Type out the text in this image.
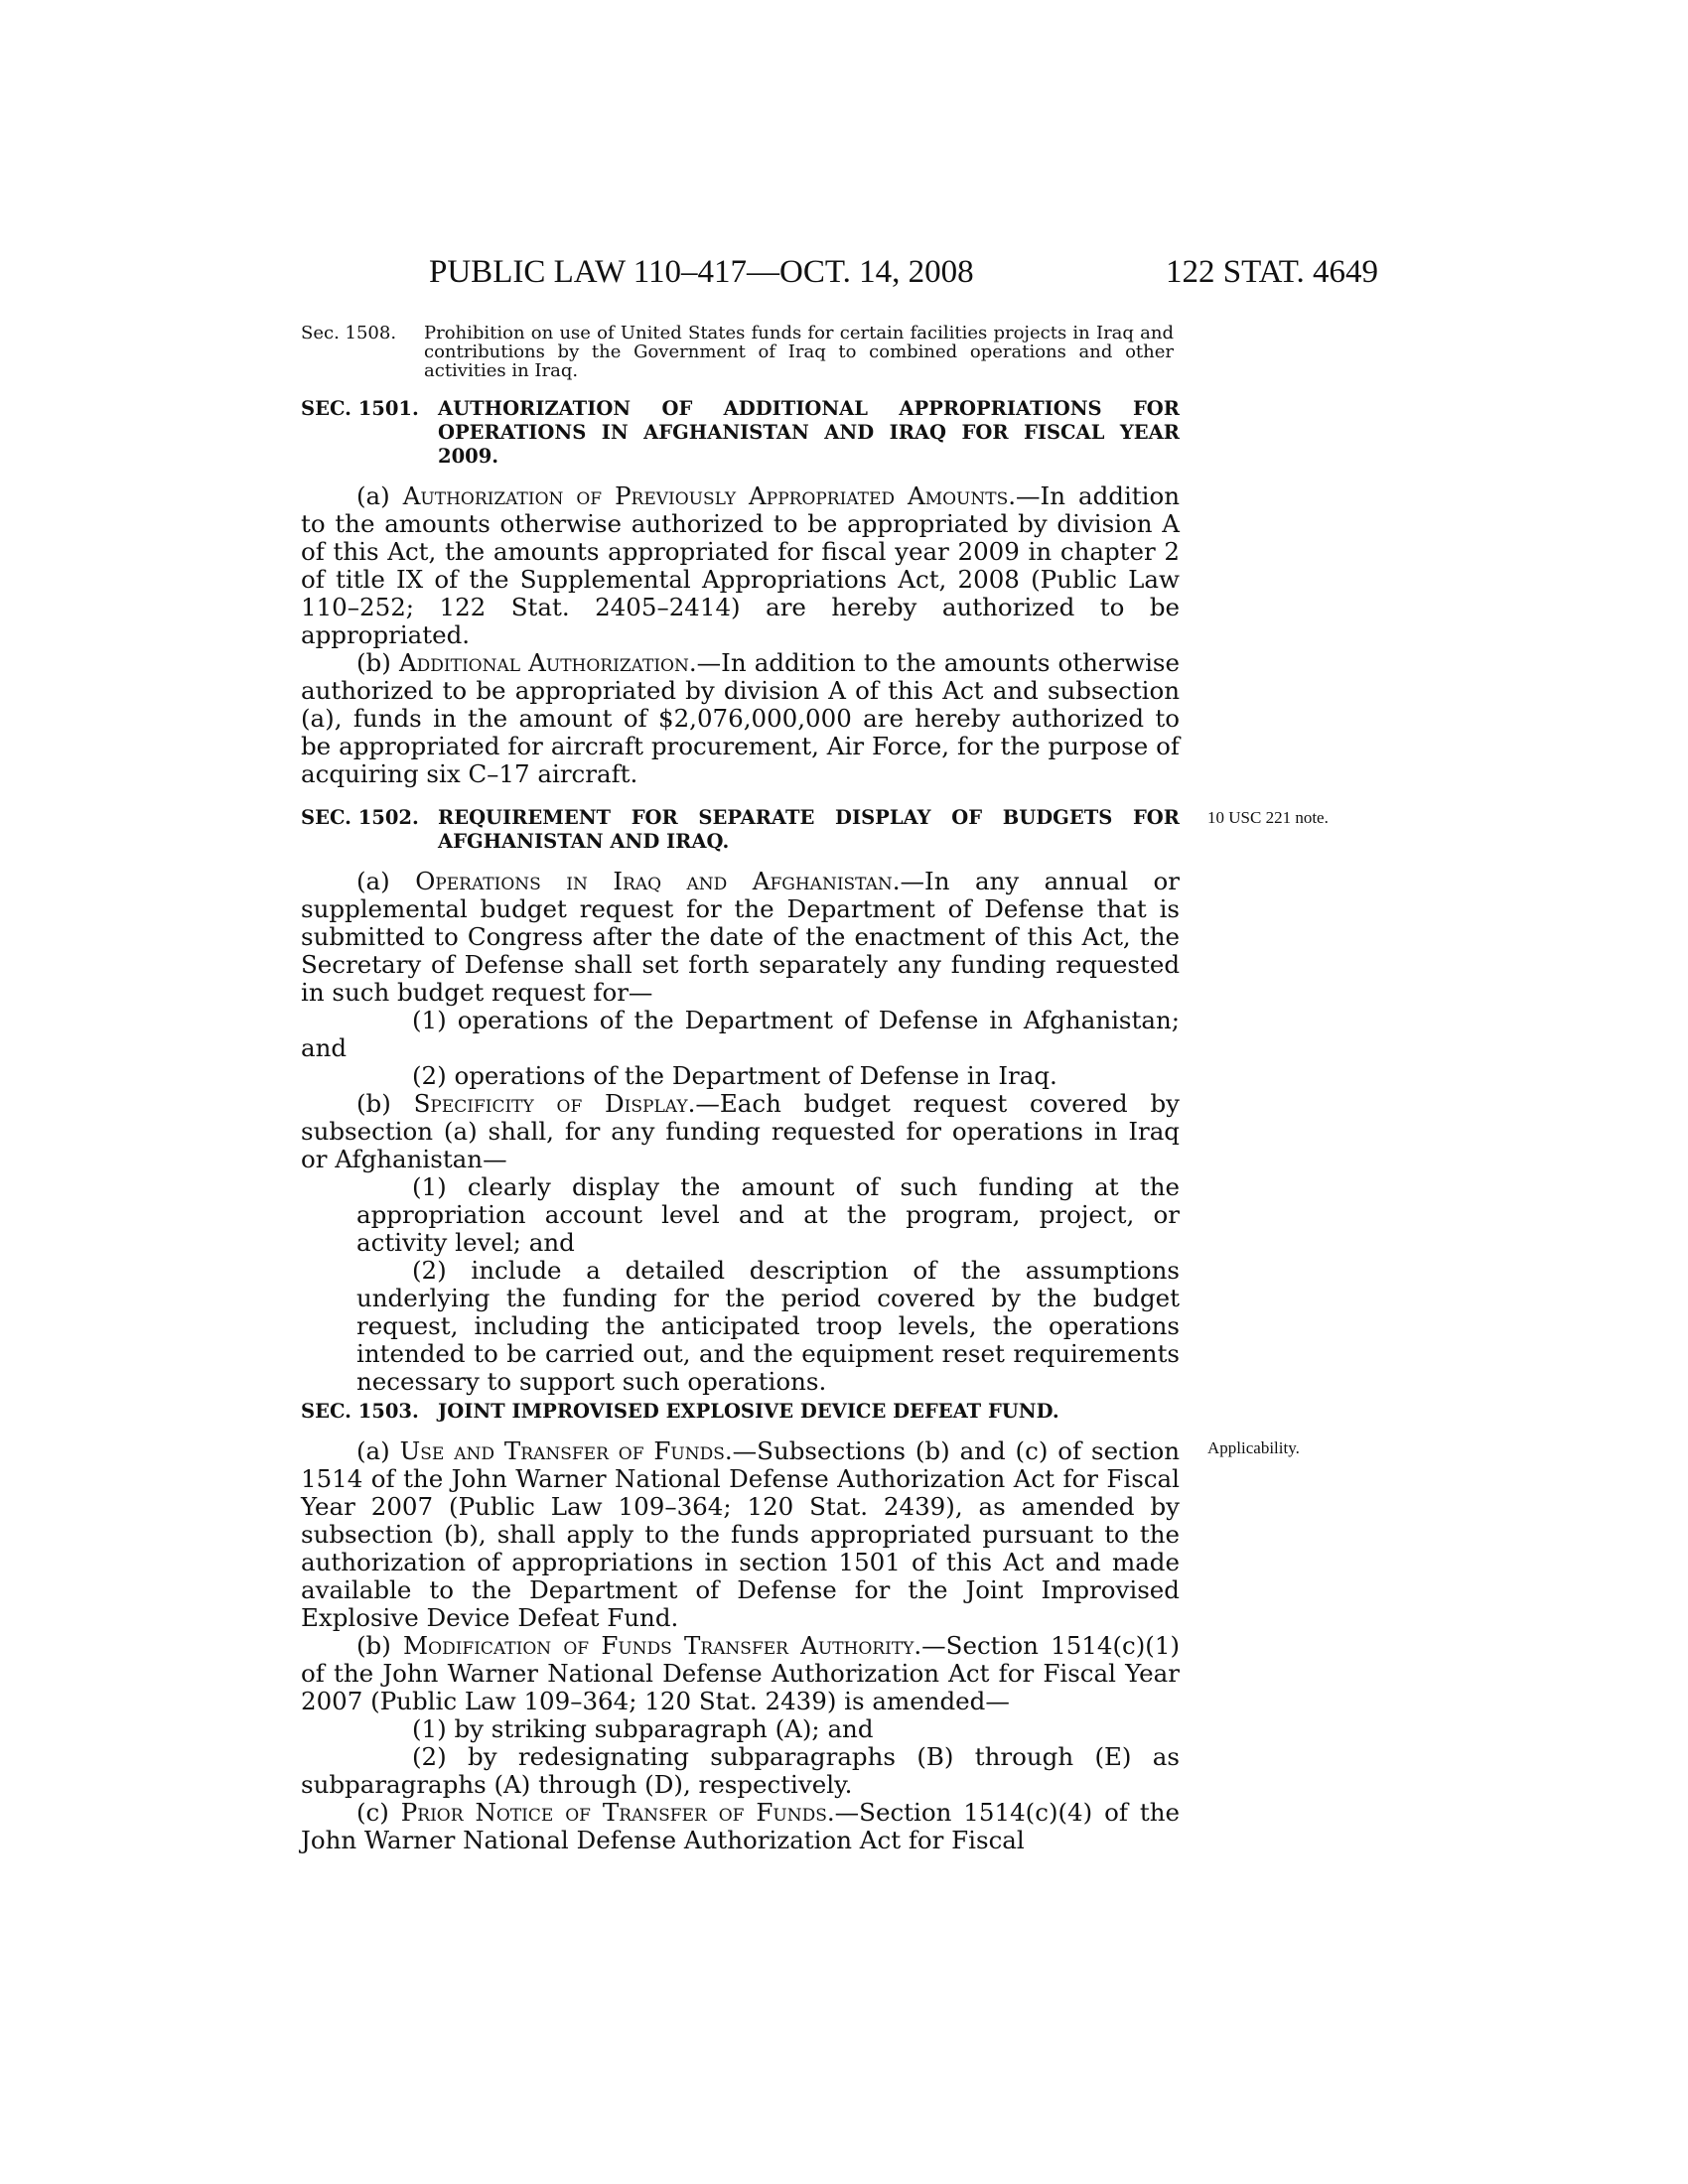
PUBLIC LAW 110–417—OCT. 14, 2008	122 STAT. 4649
Sec. 1508. Prohibition on use of United States funds for certain facilities projects in Iraq and contributions by the Government of Iraq to combined operations and other activities in Iraq.
SEC. 1501. AUTHORIZATION OF ADDITIONAL APPROPRIATIONS FOR OPERATIONS IN AFGHANISTAN AND IRAQ FOR FISCAL YEAR 2009.

(a) Authorization of Previously Appropriated Amounts.—In addition to the amounts otherwise authorized to be appropriated by division A of this Act, the amounts appropriated for fiscal year 2009 in chapter 2 of title IX of the Supplemental Appropriations Act, 2008 (Public Law 110–252; 122 Stat. 2405–2414) are hereby authorized to be appropriated.

(b) Additional Authorization.—In addition to the amounts otherwise authorized to be appropriated by division A of this Act and subsection (a), funds in the amount of $2,076,000,000 are hereby authorized to be appropriated for aircraft procurement, Air Force, for the purpose of acquiring six C–17 aircraft.

10 USC 221 note.
SEC. 1502. REQUIREMENT FOR SEPARATE DISPLAY OF BUDGETS FOR AFGHANISTAN AND IRAQ.

(a) Operations in Iraq and Afghanistan.—In any annual or supplemental budget request for the Department of Defense that is submitted to Congress after the date of the enactment of this Act, the Secretary of Defense shall set forth separately any funding requested in such budget request for—

(1) operations of the Department of Defense in Afghanistan; and

(2) operations of the Department of Defense in Iraq.

(b) Specificity of Display.—Each budget request covered by subsection (a) shall, for any funding requested for operations in Iraq or Afghanistan—

(1) clearly display the amount of such funding at the appropriation account level and at the program, project, or activity level; and

(2) include a detailed description of the assumptions underlying the funding for the period covered by the budget request, including the anticipated troop levels, the operations intended to be carried out, and the equipment reset requirements necessary to support such operations.

Applicability.
SEC. 1503. JOINT IMPROVISED EXPLOSIVE DEVICE DEFEAT FUND.

(a) Use and Transfer of Funds.—Subsections (b) and (c) of section 1514 of the John Warner National Defense Authorization Act for Fiscal Year 2007 (Public Law 109–364; 120 Stat. 2439), as amended by subsection (b), shall apply to the funds appropriated pursuant to the authorization of appropriations in section 1501 of this Act and made available to the Department of Defense for the Joint Improvised Explosive Device Defeat Fund.

(b) Modification of Funds Transfer Authority.—Section 1514(c)(1) of the John Warner National Defense Authorization Act for Fiscal Year 2007 (Public Law 109–364; 120 Stat. 2439) is amended—

(1) by striking subparagraph (A); and

(2) by redesignating subparagraphs (B) through (E) as subparagraphs (A) through (D), respectively.

(c) Prior Notice of Transfer of Funds.—Section 1514(c)(4) of the John Warner National Defense Authorization Act for Fiscal
